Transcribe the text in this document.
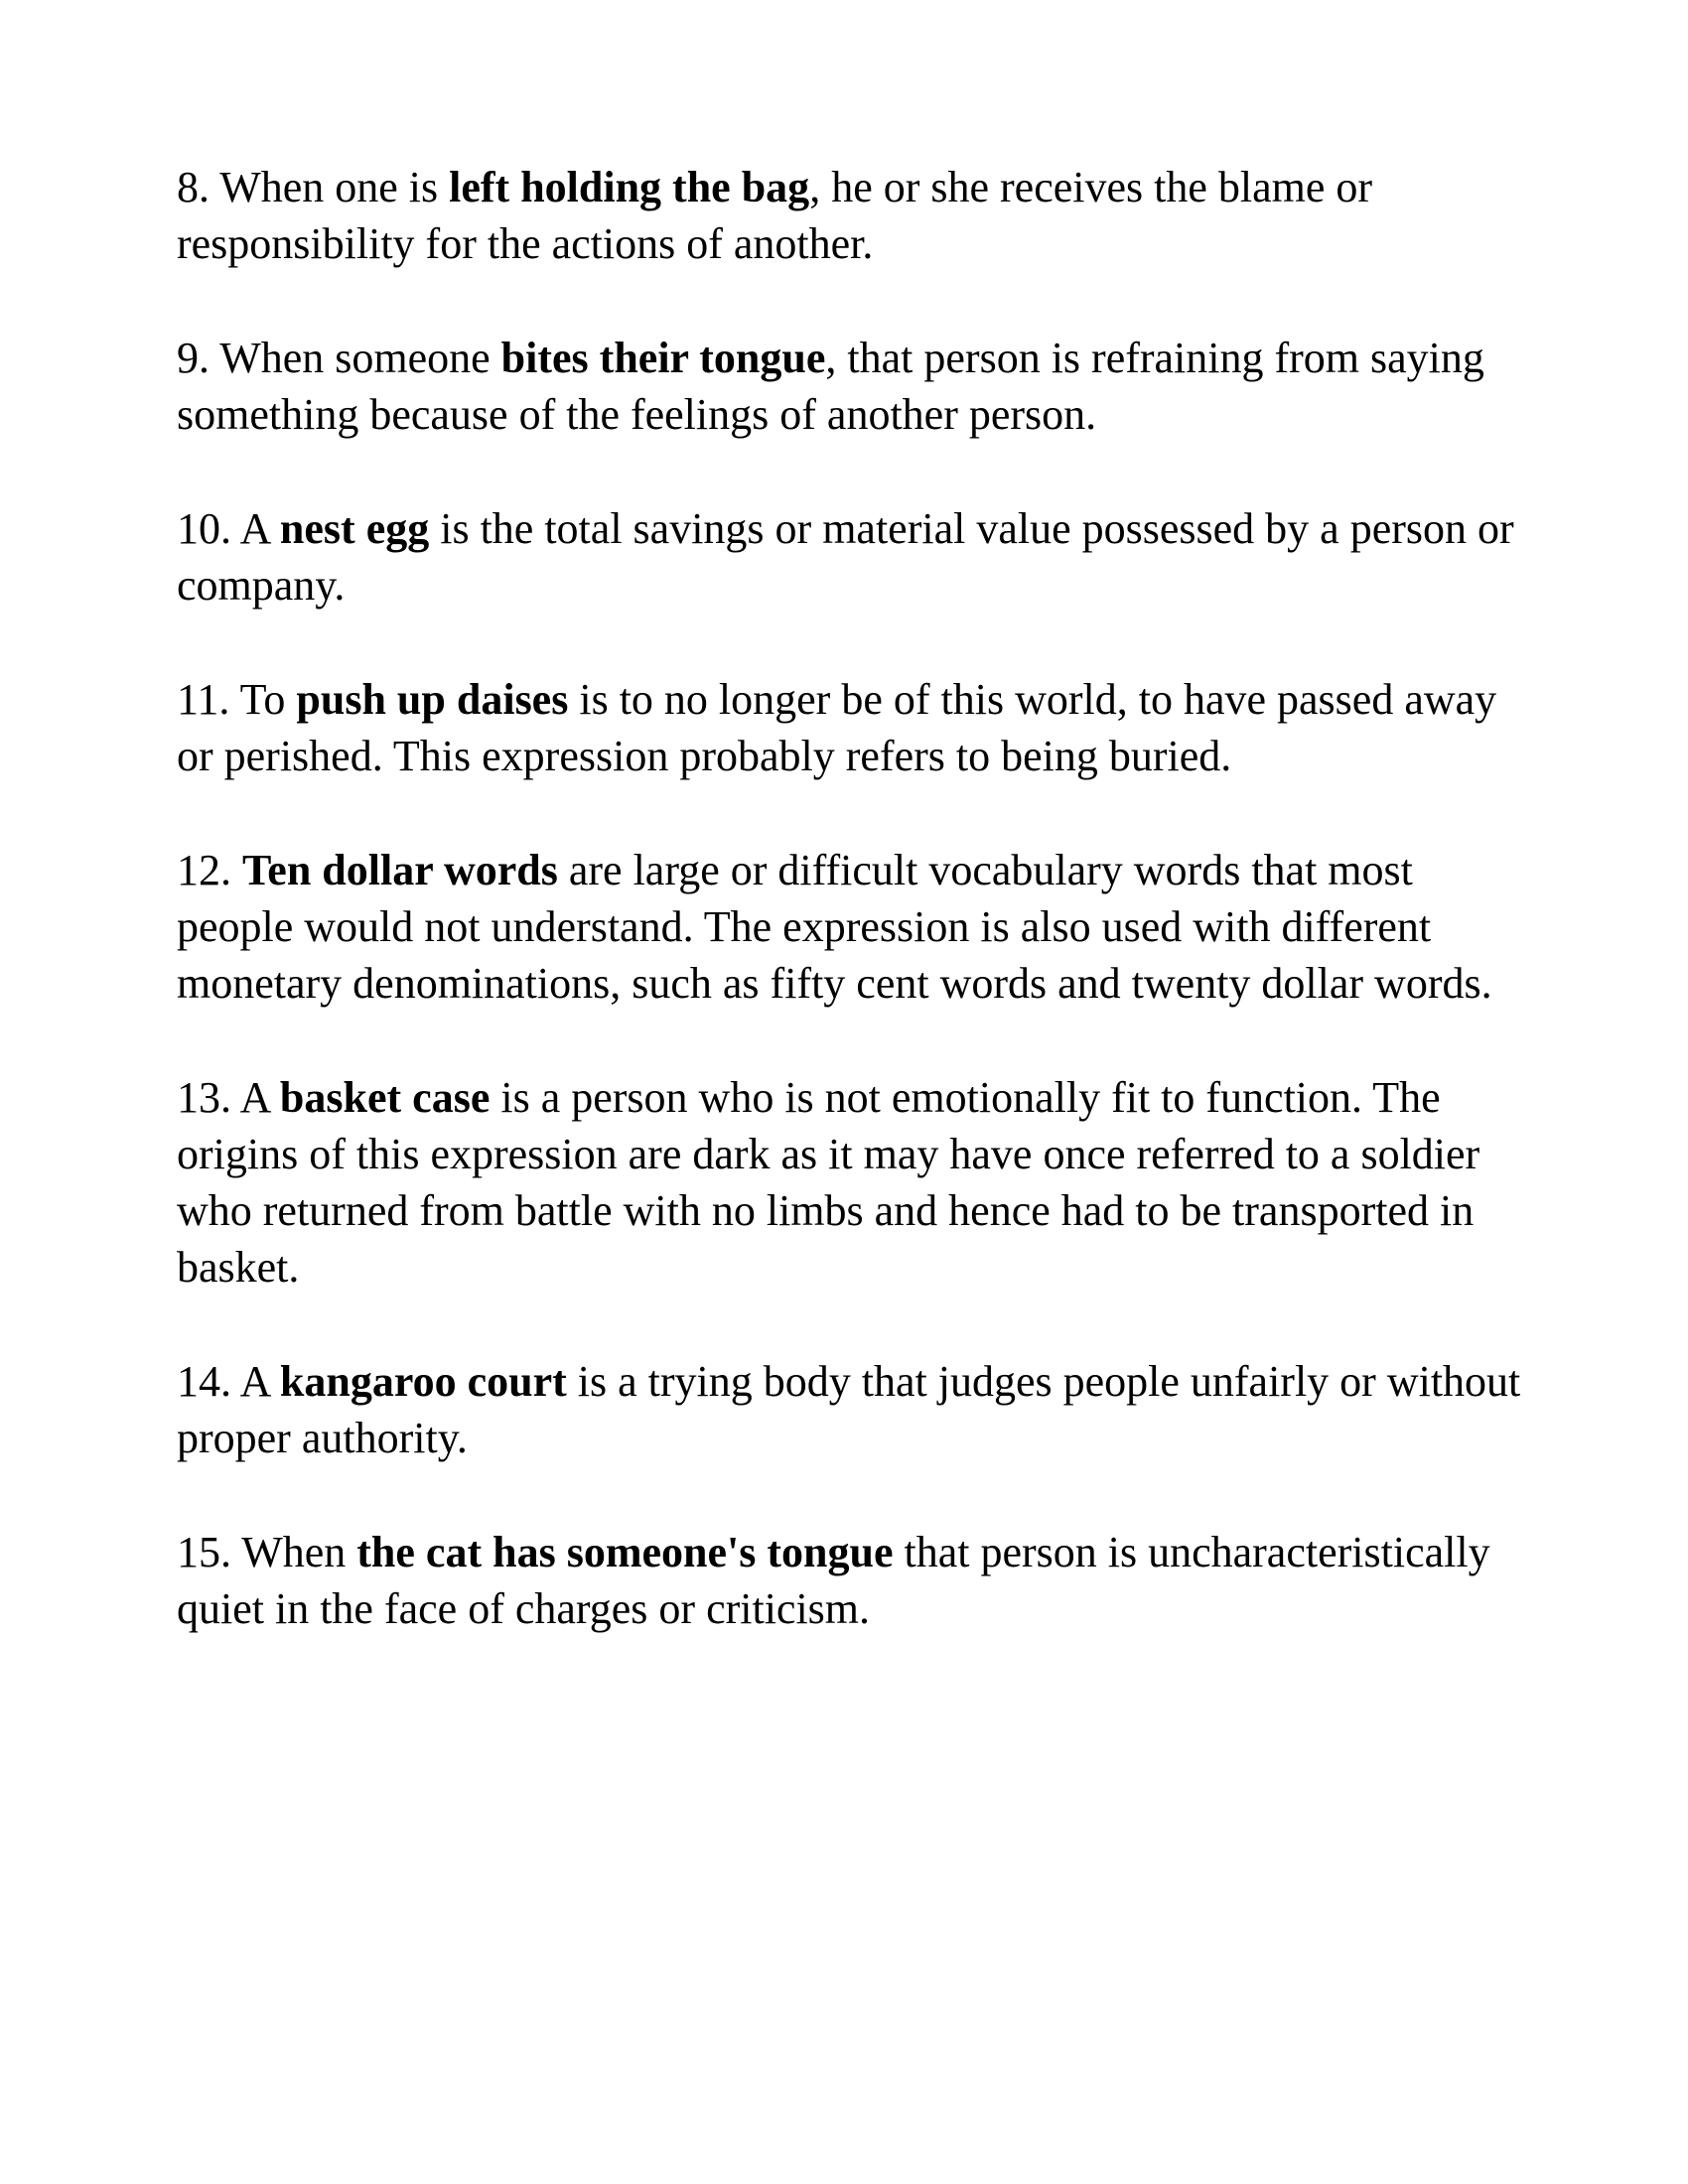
8. When one is left holding the bag, he or she receives the blame or responsibility for the actions of another.

9. When someone bites their tongue, that person is refraining from saying something because of the feelings of another person.

10. A nest egg is the total savings or material value possessed by a person or company.

11. To push up daises is to no longer be of this world, to have passed away or perished. This expression probably refers to being buried.

12. Ten dollar words are large or difficult vocabulary words that most people would not understand. The expression is also used with different monetary denominations, such as fifty cent words and twenty dollar words.

13. A basket case is a person who is not emotionally fit to function. The origins of this expression are dark as it may have once referred to a soldier who returned from battle with no limbs and hence had to be transported in basket.

14. A kangaroo court is a trying body that judges people unfairly or without proper authority.

15. When the cat has someone's tongue that person is uncharacteristically quiet in the face of charges or criticism.
